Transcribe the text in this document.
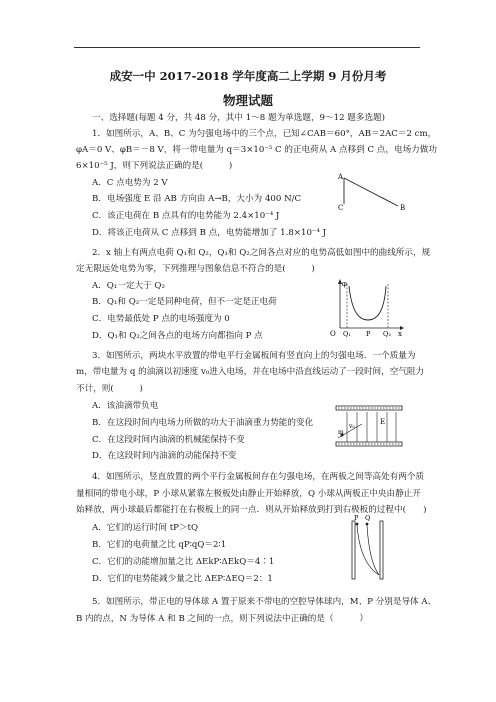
成安一中 2017-2018 学年度高二上学期 9 月份月考
物理试题
一、选择题(每题 4 分，共 48 分，其中 1～8 题为单选题，9～12 题多选题)
1．如图所示，A、B、C 为匀强电场中的三个点，已知∠CAB＝60°，AB＝2AC＝2 cm，
φA＝0 V、φB＝－8 V，将一带电量为 q＝3×10⁻⁵ C 的正电荷从 A 点移到 C 点，电场力做功
6×10⁻⁵ J，则下列说法正确的是(　　　)
A．C 点电势为 2 V
B．电场强度 E 沿 AB 方向由 A→B，大小为 400 N/C
C．该正电荷在 B 点具有的电势能为 2.4×10⁻⁴ J
D．将该正电荷从 C 点移到 B 点，电势能增加了 1.8×10⁻⁴ J
A
C	B
2．x 轴上有两点电荷 Q₁和 Q₂，Q₁和 Q₂之间各点对应的电势高低如图中的曲线所示，规
定无限远处电势为零，下列推理与图象信息不符合的是(　　　)
A．Q₁一定大于 Q₂
B．Q₁和 Q₂一定是同种电荷，但不一定是正电荷
C．电势最低处 P 点的电场强度为 0
D．Q₁和 Q₂之间各点的电场方向都指向 P 点
φ
O Q₁ P Q₂ x
3．如图所示，两块水平放置的带电平行金属板间有竖直向上的匀强电场．一个质量为
m，带电量为 q 的油滴以初速度 v₀进入电场，并在电场中沿直线运动了一段时间，空气阻力
不计，则(　　　)
A．该油滴带负电
B．在这段时间内电场力所做的功大于油滴重力势能的变化
C．在这段时间内油滴的机械能保持不变
D．在这段时间内油滴的动能保持不变
E
v₀
m
4．如图所示，竖直放置的两个平行金属板间存在匀强电场，在两板之间等高处有两个质
量相同的带电小球，P 小球从紧靠左极板处由静止开始释放，Q 小球从两板正中央由静止开
始释放，两小球最后都能打在右极板上的同一点．则从开始释放到打到右极板的过程中(　　)
A．它们的运行时间 tP＞tQ
B．它们的电荷量之比 qP∶qQ＝2∶1
C．它们的动能增加量之比 ΔEkP∶ΔEkQ＝4∶1
D．它们的电势能减少量之比 ΔEP∶ΔEQ＝2：1
P Q
5．如图所示，带正电的导体球 A 置于原来不带电的空腔导体球内，M、P 分别是导体 A、
B 内的点，N 为导体 A 和 B 之间的一点，则下列说法中正确的是（　　　）
